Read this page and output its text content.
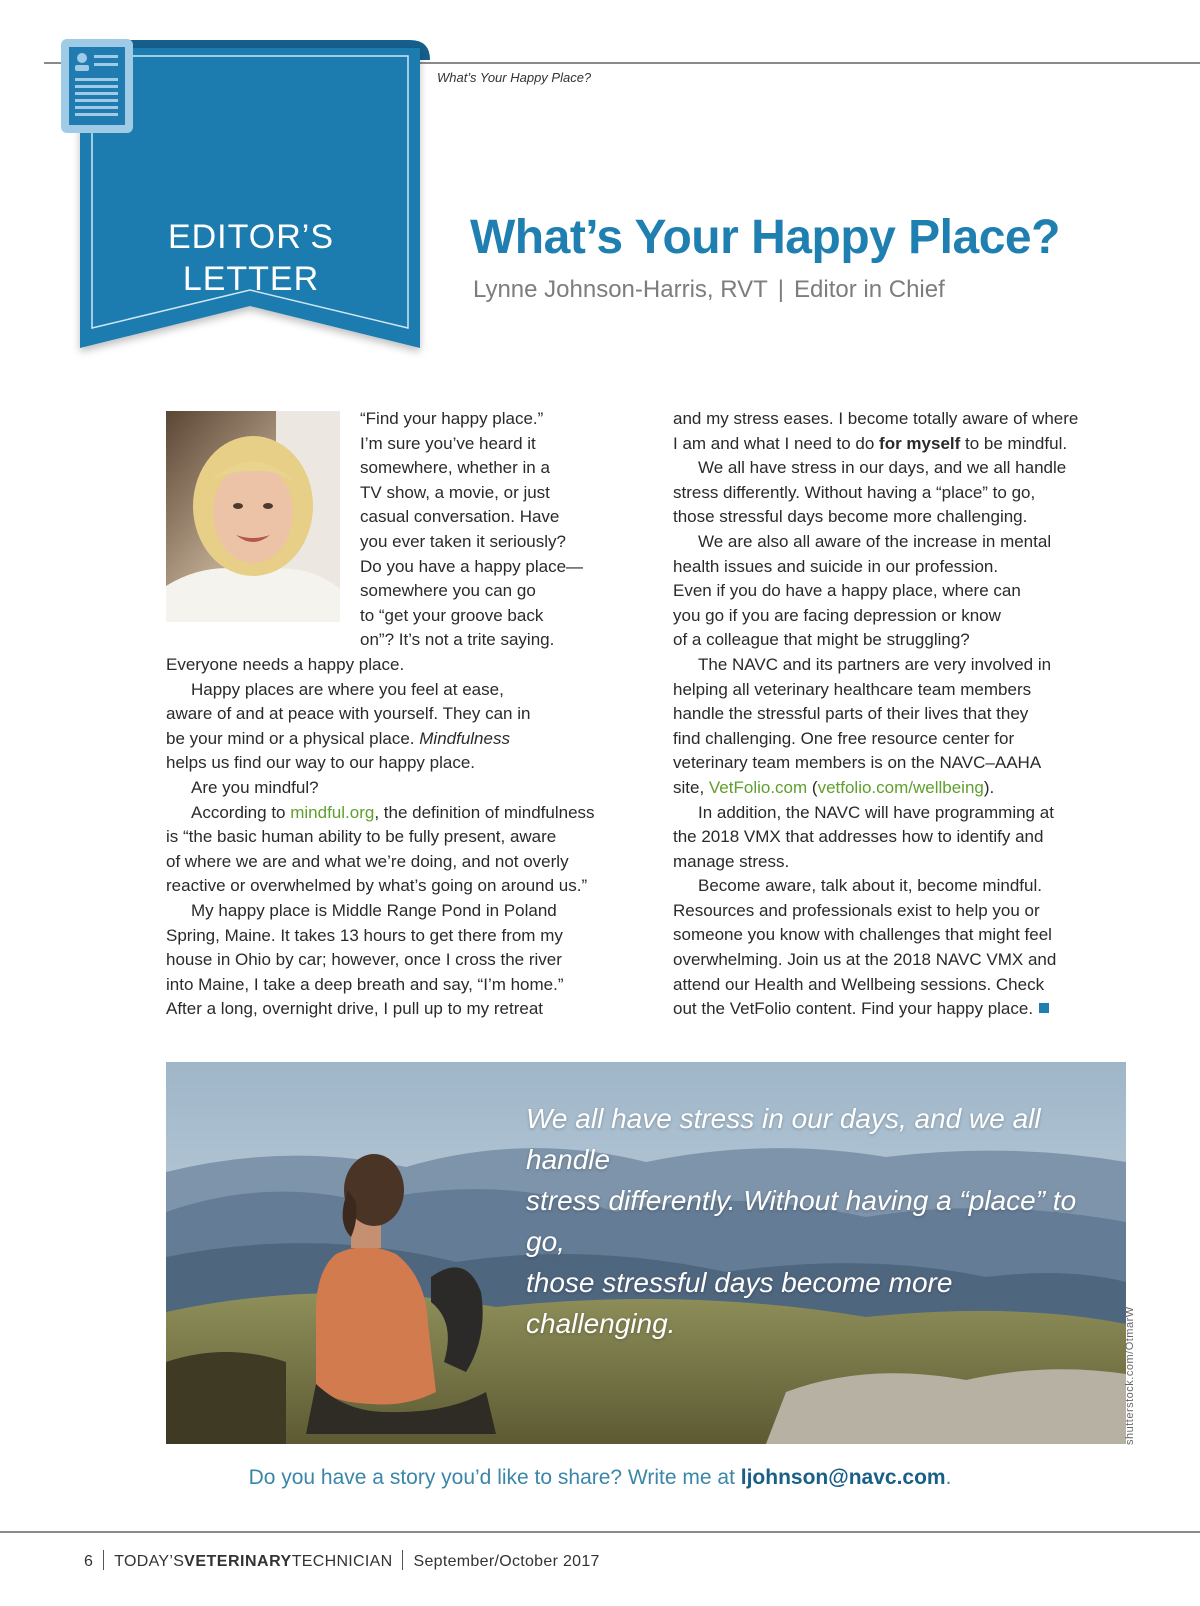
What’s Your Happy Place?
EDITOR’S
LETTER
What’s Your Happy Place?
Lynne Johnson-Harris, RVT | Editor in Chief
“Find your happy place.”
I’m sure you’ve heard it
somewhere, whether in a
TV show, a movie, or just
casual conversation. Have
you ever taken it seriously?
Do you have a happy place—
somewhere you can go
to “get your groove back
on”? It’s not a trite saying.
Everyone needs a happy place.
Happy places are where you feel at ease,
aware of and at peace with yourself. They can in
be your mind or a physical place. Mindfulness
helps us find our way to our happy place.
Are you mindful?
According to mindful.org, the definition of mindfulness
is “the basic human ability to be fully present, aware
of where we are and what we’re doing, and not overly
reactive or overwhelmed by what’s going on around us.”
My happy place is Middle Range Pond in Poland
Spring, Maine. It takes 13 hours to get there from my
house in Ohio by car; however, once I cross the river
into Maine, I take a deep breath and say, “I’m home.”
After a long, overnight drive, I pull up to my retreat
and my stress eases. I become totally aware of where
I am and what I need to do for myself to be mindful.
We all have stress in our days, and we all handle
stress differently. Without having a “place” to go,
those stressful days become more challenging.
We are also all aware of the increase in mental
health issues and suicide in our profession.
Even if you do have a happy place, where can
you go if you are facing depression or know
of a colleague that might be struggling?
The NAVC and its partners are very involved in
helping all veterinary healthcare team members
handle the stressful parts of their lives that they
find challenging. One free resource center for
veterinary team members is on the NAVC–AAHA
site, VetFolio.com (vetfolio.com/wellbeing).
In addition, the NAVC will have programming at
the 2018 VMX that addresses how to identify and
manage stress.
Become aware, talk about it, become mindful.
Resources and professionals exist to help you or
someone you know with challenges that might feel
overwhelming. Join us at the 2018 NAVC VMX and
attend our Health and Wellbeing sessions. Check
out the VetFolio content. Find your happy place.
We all have stress in our days, and we all handle
stress differently. Without having a “place” to go,
those stressful days become more challenging.	shutterstock.com/OtmarW
Do you have a story you’d like to share? Write me at ljohnson@navc.com.
6 TODAY’SVETERINARYTECHNICIAN September/October 2017
